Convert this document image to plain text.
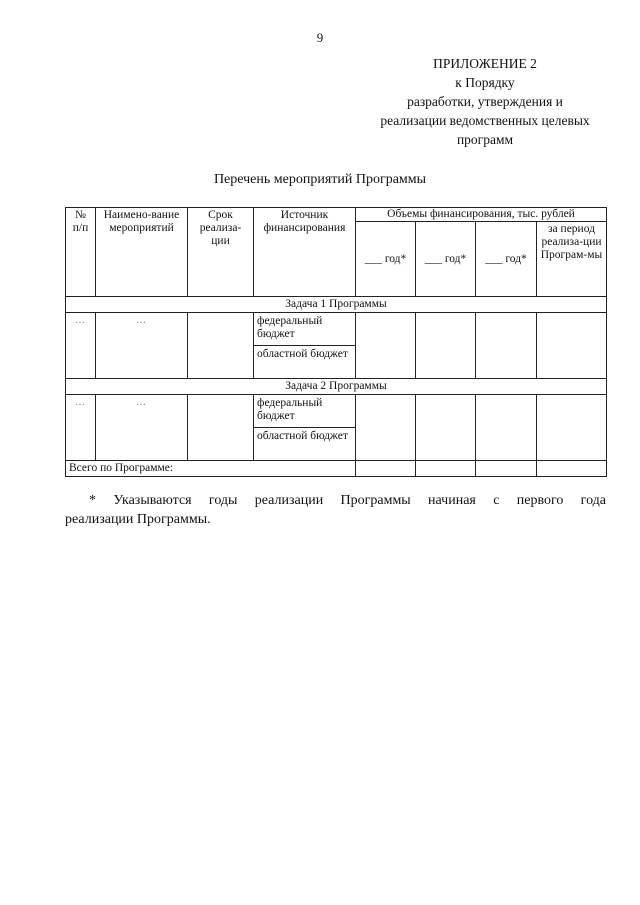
9
ПРИЛОЖЕНИЕ 2
к Порядку
разработки, утверждения и
реализации ведомственных целевых
программ
Перечень мероприятий Программы
№ п/п	Наимено-вание мероприятий	Срок реализа-ции	Источник финансирования	Объемы финансирования, тыс. рублей			
				___ год*	___ год*	___ год*	за период реализа-ции Програм-мы
Задача 1 Программы							
…	…		федеральный бюджет				
			областной бюджет				
Задача 2 Программы							
…	…		федеральный бюджет				
			областной бюджет				
Всего по Программе:							
* Указываются годы реализации Программы начиная с первого года
реализации Программы.
